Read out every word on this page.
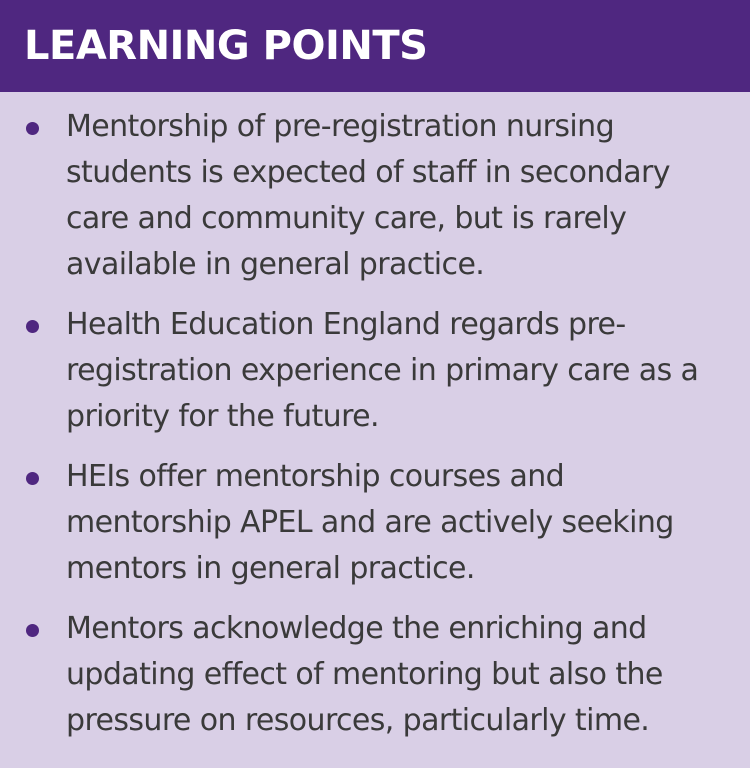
LEARNING POINTS
Mentorship of pre-registration nursing students is expected of staff in secondary care and community care, but is rarely available in general practice.
Health Education England regards pre-registration experience in primary care as a priority for the future.
HEIs offer mentorship courses and mentorship APEL and are actively seeking mentors in general practice.
Mentors acknowledge the enriching and updating effect of mentoring but also the pressure on resources, particularly time.
